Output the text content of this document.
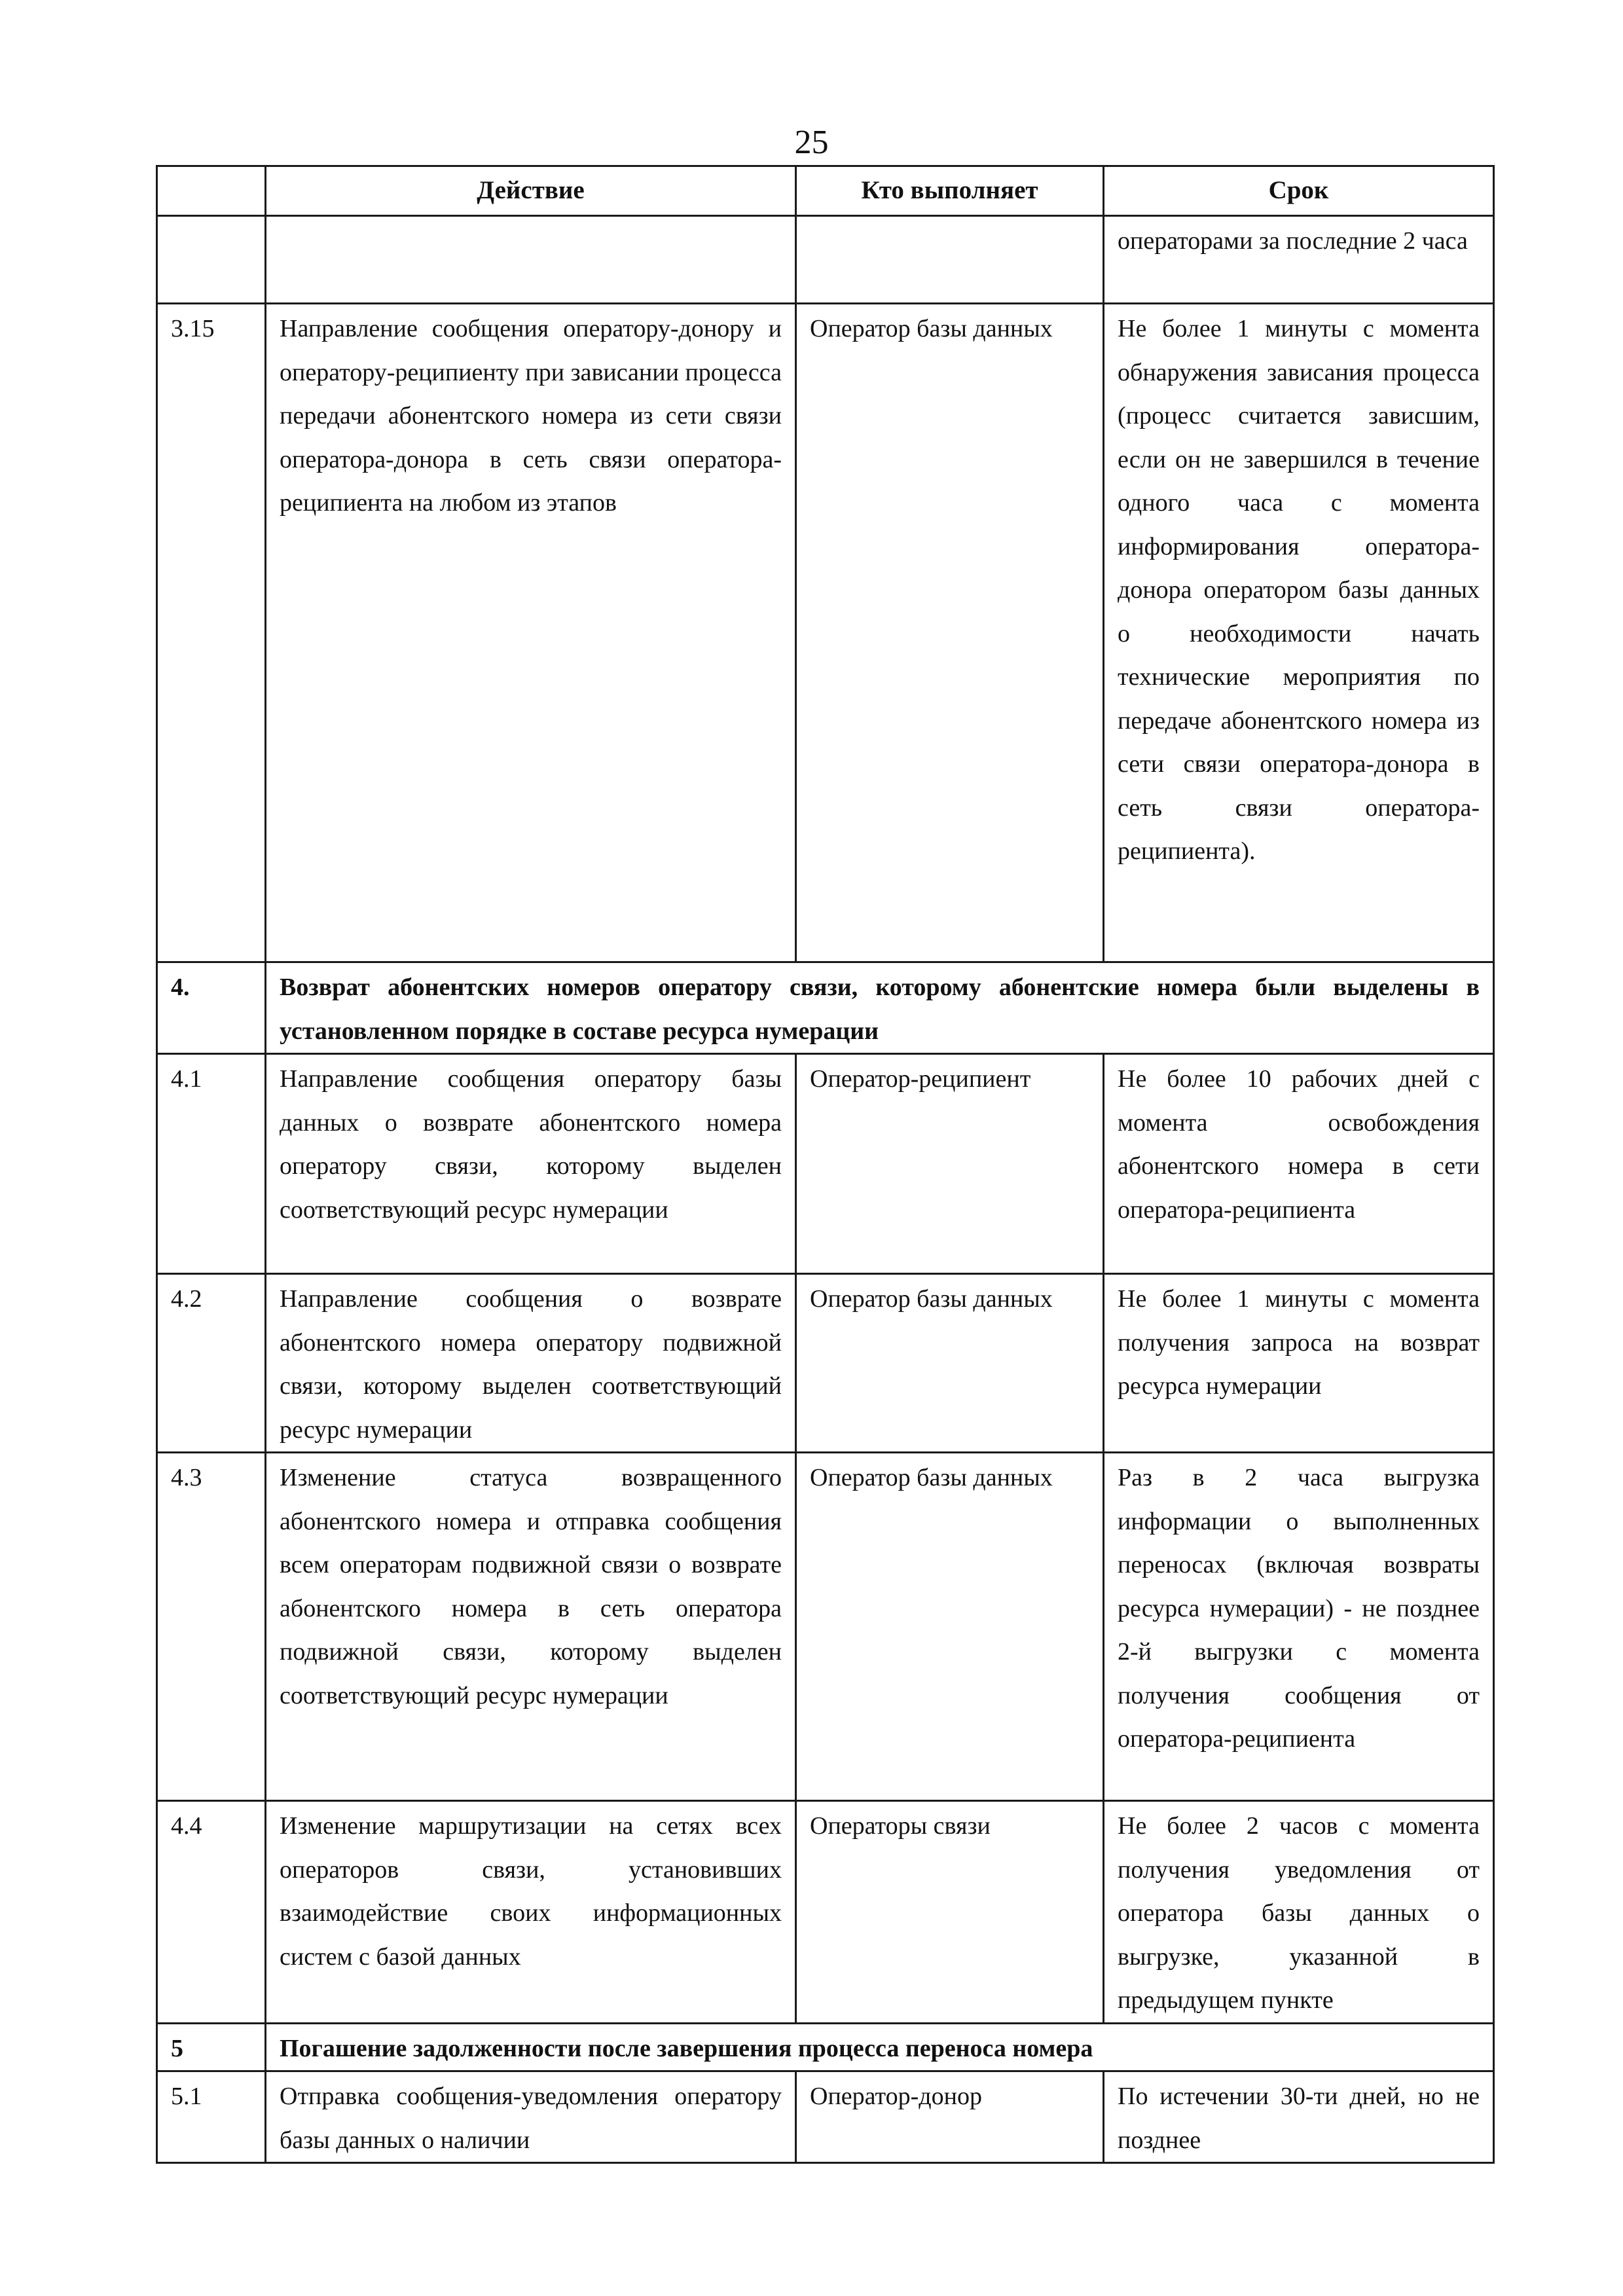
25
	Действие	Кто выполняет	Срок
			операторами за последние 2 часа
3.15	Направление сообщения оператору-донору и оператору-реципиенту при зависании процесса передачи абонентского номера из сети связи оператора-донора в сеть связи оператора-реципиента на любом из этапов	Оператор базы данных	Не более 1 минуты с момента обнаружения зависания процесса (процесс считается зависшим, если он не завершился в течение одного часа с момента информирования оператора-донора оператором базы данных о необходимости начать технические мероприятия по передаче абонентского номера из сети связи оператора-донора в сеть связи оператора-реципиента).
4.	Возврат абонентских номеров оператору связи, которому абонентские номера были выделены в установленном порядке в составе ресурса нумерации		
4.1	Направление сообщения оператору базы данных о возврате абонентского номера оператору связи, которому выделен соответствующий ресурс нумерации	Оператор-реципиент	Не более 10 рабочих дней с момента освобождения абонентского номера в сети оператора-реципиента
4.2	Направление сообщения о возврате абонентского номера оператору подвижной связи, которому выделен соответствующий ресурс нумерации	Оператор базы данных	Не более 1 минуты с момента получения запроса на возврат ресурса нумерации
4.3	Изменение статуса возвращенного абонентского номера и отправка сообщения всем операторам подвижной связи о возврате абонентского номера в сеть оператора подвижной связи, которому выделен соответствующий ресурс нумерации	Оператор базы данных	Раз в 2 часа выгрузка информации о выполненных переносах (включая возвраты ресурса нумерации) - не позднее 2-й выгрузки с момента получения сообщения от оператора-реципиента
4.4	Изменение маршрутизации на сетях всех операторов связи, установивших взаимодействие своих информационных систем с базой данных	Операторы связи	Не более 2 часов с момента получения уведомления от оператора базы данных о выгрузке, указанной в предыдущем пункте
5	Погашение задолженности после завершения процесса переноса номера		
5.1	Отправка сообщения-уведомления оператору базы данных о наличии	Оператор-донор	По истечении 30-ти дней, но не позднее
